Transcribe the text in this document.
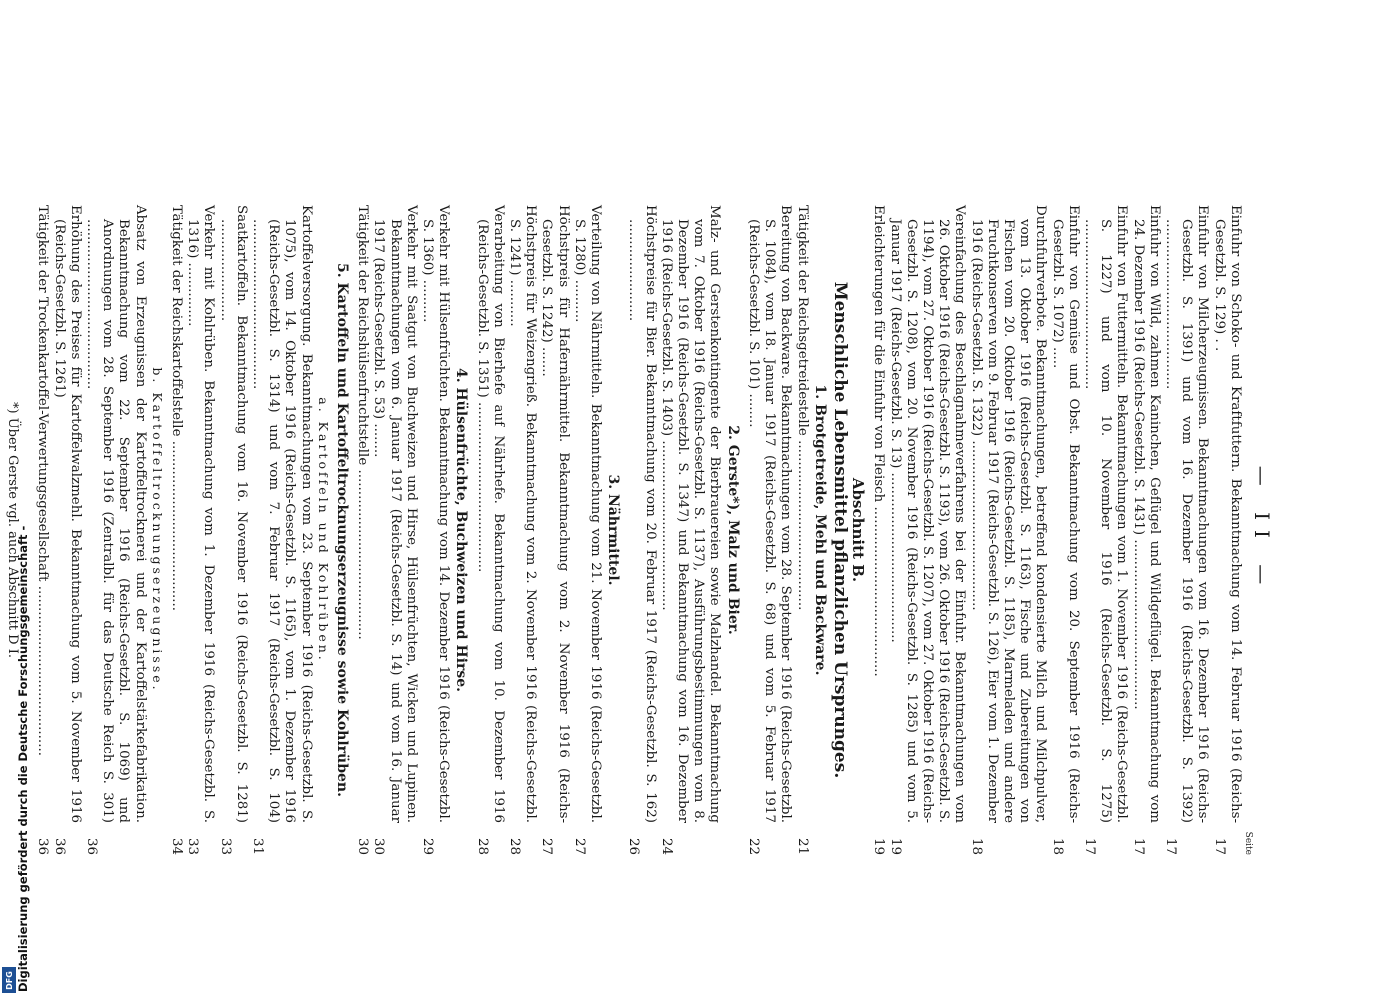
— II —
Seite
Einfuhr von Schoko- und Kraftfuttern. Bekanntmachung vom 14. Februar 1916 (Reichs-Gesetzbl. S. 129) . .
17
Einfuhr von Milcherzeugnissen. Bekanntmachungen vom 16. Dezember 1916 (Reichs-Gesetzbl. S. 1391) und vom 16. Dezember 1916 (Reichs-Gesetzbl. S. 1392) ........................................
17
Einfuhr von Wild, zahmen Kaninchen, Geflügel und Wildgeflügel. Bekanntmachung vom 24. Dezember 1916 (Reichs-Gesetzbl. S. 1431) ........................................
17
Einfuhr von Futtermitteln. Bekanntmachungen vom 1. November 1916 (Reichs-Gesetzbl. S. 1227) und vom 10. November 1916 (Reichs-Gesetzbl. S. 1275) ........................................
17
Einfuhr von Gemüse und Obst. Bekanntmachung vom 20. September 1916 (Reichs-Gesetzbl. S. 1072) .....
18
Durchfuhrverbote. Bekanntmachungen, betreffend kondensierte Milch und Milchpulver, vom 13. Oktober 1916 (Reichs-Gesetzbl. S. 1163), Fische und Zubereitungen von Fischen vom 20. Oktober 1916 (Reichs-Gesetzbl. S. 1185), Marmeladen und andere Fruchtkonserven vom 9. Februar 1917 (Reichs-Gesetzbl. S. 126), Eier vom 1. Dezember 1916 (Reichs-Gesetzbl. S. 1322) ........................................
18
Vereinfachung des Beschlagnahmeverfahrens bei der Einfuhr. Bekanntmachungen vom 26. Oktober 1916 (Reichs-Gesetzbl. S. 1193), vom 26. Oktober 1916 (Reichs-Gesetzbl. S. 1194), vom 27. Oktober 1916 (Reichs-Gesetzbl. S. 1207), vom 27. Oktober 1916 (Reichs-Gesetzbl. S. 1208), vom 20. November 1916 (Reichs-Gesetzbl. S. 1285) und vom 5. Januar 1917 (Reichs-Gesetzbl. S. 13) ........................................
19
Erleichterungen für die Einfuhr von Fleisch ........................................
19
Abschnitt B.
Menschliche Lebensmittel pflanzlichen Ursprunges.
1. Brotgetreide, Mehl und Backware.
Tätigkeit der Reichsgetreidestelle ........................................
21
Bereitung von Backware. Bekanntmachungen vom 28. September 1916 (Reichs-Gesetzbl. S. 1084), vom 18. Januar 1917 (Reichs-Gesetzbl. S. 68) und vom 5. Februar 1917 (Reichs-Gesetzbl. S. 101) ........
22
2. Gerste*), Malz und Bier.
Malz- und Gerstenkontingente der Bierbrauereien sowie Malzhandel. Bekanntmachung vom 7. Oktober 1916 (Reichs-Gesetzbl. S. 1137), Ausführungsbestimmungen vom 8. Dezember 1916 (Reichs-Gesetzbl. S. 1347) und Bekanntmachung vom 16. Dezember 1916 (Reichs-Gesetzbl. S. 1403) ........................................
24
Höchstpreise für Bier. Bekanntmachung vom 20. Februar 1917 (Reichs-Gesetzbl. S. 162) ........................
26
3. Nährmittel.
Verteilung von Nährmitteln. Bekanntmachung vom 21. November 1916 (Reichs-Gesetzbl. S. 1280) ..........
27
Höchstpreis für Hafernährmittel. Bekanntmachung vom 2. November 1916 (Reichs-Gesetzbl. S. 1242) .......
27
Höchstpreis für Weizengrieß. Bekanntmachung vom 2. November 1916 (Reichs-Gesetzbl. S. 1241) ...........
28
Verarbeitung von Bierhefe auf Nährhefe. Bekanntmachung vom 10. Dezember 1916 (Reichs-Gesetzbl. S. 1351) ........................................
28
4. Hülsenfrüchte, Buchweizen und Hirse.
Verkehr mit Hülsenfrüchten. Bekanntmachung vom 14. Dezember 1916 (Reichs-Gesetzbl. S. 1360) ..........
29
Verkehr mit Saatgut von Buchweizen und Hirse, Hülsenfrüchten, Wicken und Lupinen. Bekanntmachungen vom 6. Januar 1917 (Reichs-Gesetzbl. S. 14) und vom 16. Januar 1917 (Reichs-Gesetzbl. S. 53) ........
30
Tätigkeit der Reichshülsenfruchtstelle ........................................
30
5. Kartoffeln und Kartoffeltrocknungserzeugnisse sowie Kohlrüben.
a. Kartoffeln und Kohlrüben.
Kartoffelversorgung. Bekanntmachungen vom 23. September 1916 (Reichs-Gesetzbl. S. 1075), vom 14. Oktober 1916 (Reichs-Gesetzbl. S. 1165), vom 1. Dezember 1916 (Reichs-Gesetzbl. S. 1314) und vom 7. Februar 1917 (Reichs-Gesetzbl. S. 104) ........................................
31
Saatkartoffeln. Bekanntmachung vom 16. November 1916 (Reichs-Gesetzbl. S. 1281) ........................
33
Verkehr mit Kohlrüben. Bekanntmachung vom 1. Dezember 1916 (Reichs-Gesetzbl. S. 1316) ...............
33
Tätigkeit der Reichskartoffelstelle ........................................
34
b. Kartoffeltrocknungserzeugnisse.
Absatz von Erzeugnissen der Kartoffeltrocknerei und der Kartoffelstärkefabrikation. Bekanntmachung vom 22. September 1916 (Reichs-Gesetzbl. S. 1069) und Anordnungen vom 28. September 1916 (Zentralbl. für das Deutsche Reich S. 301) ........................................
36
Erhöhung des Preises für Kartoffelwalzmehl. Bekanntmachung vom 5. November 1916 (Reichs-Gesetzbl. S. 1261)
36
Tätigkeit der Trockenkartoffel-Verwertungsgesellschaft ........................................
36
*) Über Gerste vgl. auch Abschnitt D I.
Digitalisierung gefördert durch die Deutsche Forschungsgemeinschaft -
DFG
